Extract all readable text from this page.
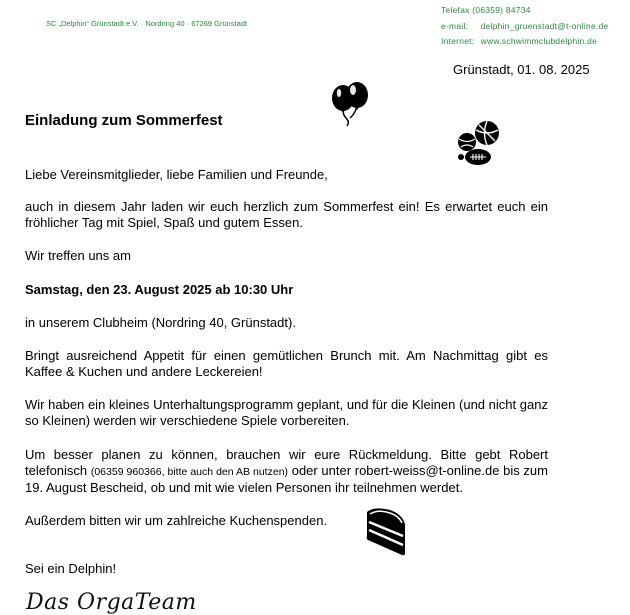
SC „Delphin“ Grünstadt e.V. · Nordring 40 · 67269 Grünstadt
Telefax (06359) 84734
e-mail: delphin_gruenstadt@t-online.de
Internet: www.schwimmclubdelphin.de
Grünstadt, 01. 08. 2025
Einladung zum Sommerfest
Liebe Vereinsmitglieder, liebe Familien und Freunde,
auch in diesem Jahr laden wir euch herzlich zum Sommerfest ein! Es erwartet euch ein fröhlicher Tag mit Spiel, Spaß und gutem Essen.
Wir treffen uns am
Samstag, den 23. August 2025 ab 10:30 Uhr
in unserem Clubheim (Nordring 40, Grünstadt).
Bringt ausreichend Appetit für einen gemütlichen Brunch mit. Am Nachmittag gibt es Kaffee & Kuchen und andere Leckereien!
Wir haben ein kleines Unterhaltungsprogramm geplant, und für die Kleinen (und nicht ganz so Kleinen) werden wir verschiedene Spiele vorbereiten.
Um besser planen zu können, brauchen wir eure Rückmeldung. Bitte gebt Robert telefonisch (06359 960366, bitte auch den AB nutzen) oder unter robert-weiss@t-online.de bis zum 19. August Bescheid, ob und mit wie vielen Personen ihr teilnehmen werdet.
Außerdem bitten wir um zahlreiche Kuchenspenden.
Sei ein Delphin!
Das OrgaTeam
